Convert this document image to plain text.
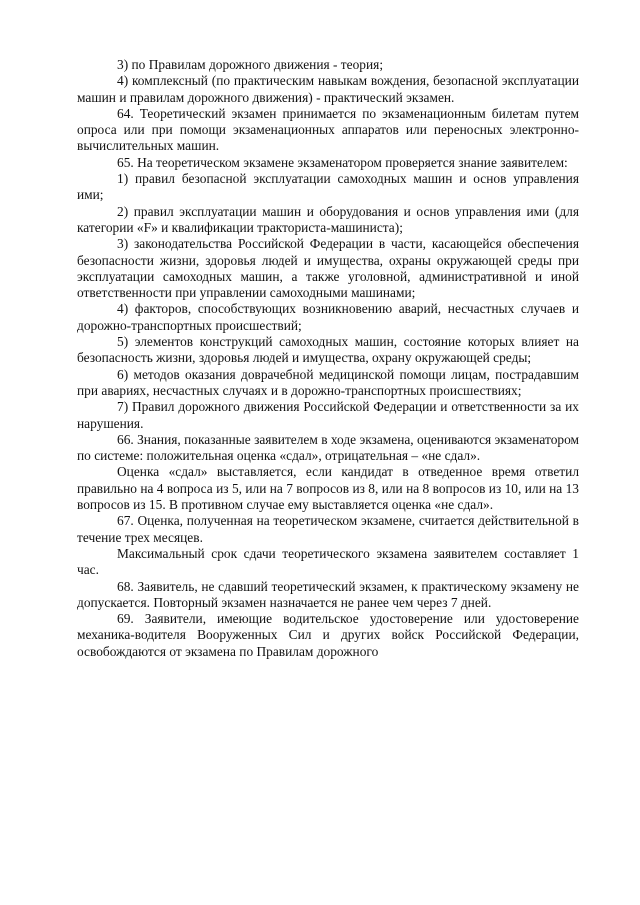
3) по Правилам дорожного движения - теория;

4) комплексный (по практическим навыкам вождения, безопасной эксплуатации машин и правилам дорожного движения) - практический экзамен.

64. Теоретический экзамен принимается по экзаменационным билетам путем опроса или при помощи экзаменационных аппаратов или переносных электронно-вычислительных машин.

65. На теоретическом экзамене экзаменатором проверяется знание заявителем:

1) правил безопасной эксплуатации самоходных машин и основ управления ими;

2) правил эксплуатации машин и оборудования и основ управления ими (для категории «F» и квалификации тракториста-машиниста);

3) законодательства Российской Федерации в части, касающейся обеспечения безопасности жизни, здоровья людей и имущества, охраны окружающей среды при эксплуатации самоходных машин, а также уголовной, административной и иной ответственности при управлении самоходными машинами;

4) факторов, способствующих возникновению аварий, несчастных случаев и дорожно-транспортных происшествий;

5) элементов конструкций самоходных машин, состояние которых влияет на безопасность жизни, здоровья людей и имущества, охрану окружающей среды;

6) методов оказания доврачебной медицинской помощи лицам, пострадавшим при авариях, несчастных случаях и в дорожно-транспортных происшествиях;

7) Правил дорожного движения Российской Федерации и ответственности за их нарушения.

66. Знания, показанные заявителем в ходе экзамена, оцениваются экзаменатором по системе: положительная оценка «сдал», отрицательная – «не сдал».

Оценка «сдал» выставляется, если кандидат в отведенное время ответил правильно на 4 вопроса из 5, или на 7 вопросов из 8, или на 8 вопросов из 10, или на 13 вопросов из 15. В противном случае ему выставляется оценка «не сдал».

67. Оценка, полученная на теоретическом экзамене, считается действительной в течение трех месяцев.

Максимальный срок сдачи теоретического экзамена заявителем составляет 1 час.

68. Заявитель, не сдавший теоретический экзамен, к практическому экзамену не допускается. Повторный экзамен назначается не ранее чем через 7 дней.

69. Заявители, имеющие водительское удостоверение или удостоверение механика-водителя Вооруженных Сил и других войск Российской Федерации, освобождаются от экзамена по Правилам дорожного
